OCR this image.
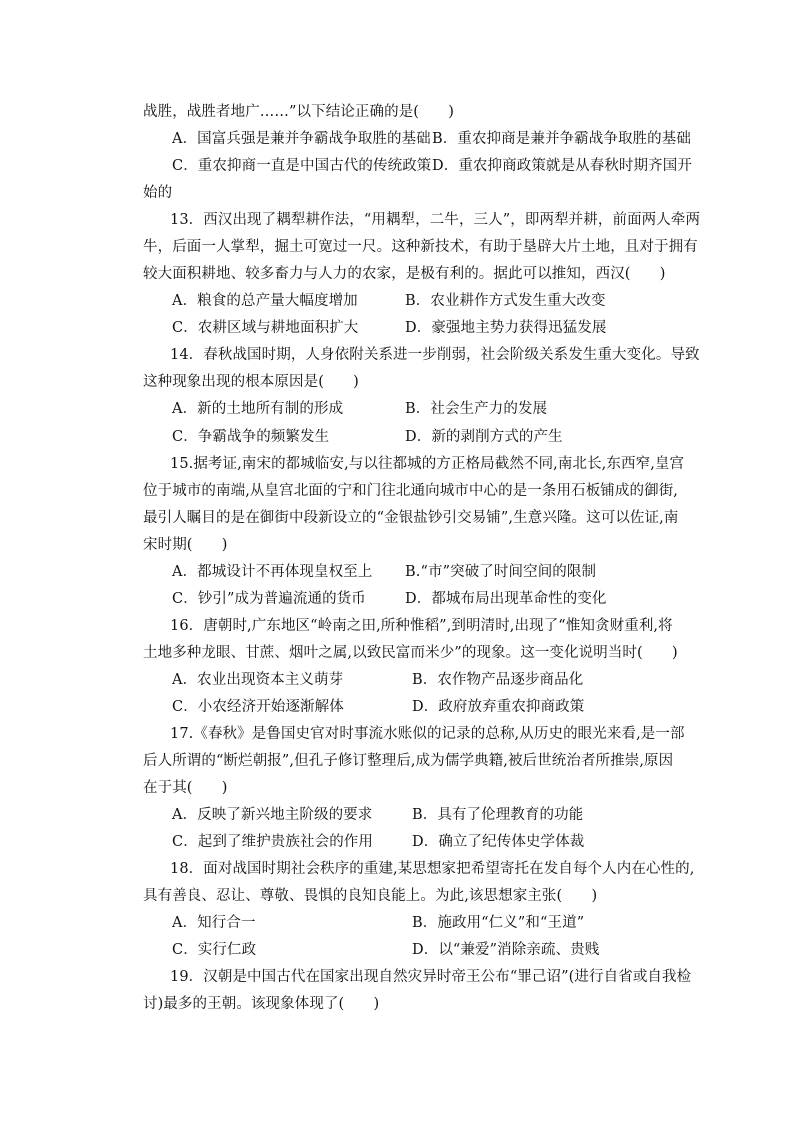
战胜，战胜者地广……”以下结论正确的是(　　)
A．国富兵强是兼并争霸战争取胜的基础 B．重农抑商是兼并争霸战争取胜的基础
C．重农抑商一直是中国古代的传统政策 D．重农抑商政策就是从春秋时期齐国开
始的
13．西汉出现了耦犁耕作法，“用耦犁，二牛，三人”，即两犁并耕，前面两人牵两
牛，后面一人掌犁，掘土可宽过一尺。这种新技术，有助于垦辟大片土地，且对于拥有
较大面积耕地、较多畜力与人力的农家，是极有利的。据此可以推知，西汉(　　)
A．粮食的总产量大幅度增加	B．农业耕作方式发生重大改变
C．农耕区域与耕地面积扩大	D．豪强地主势力获得迅猛发展
14．春秋战国时期，人身依附关系进一步削弱，社会阶级关系发生重大变化。导致
这种现象出现的根本原因是(　　)
A．新的土地所有制的形成	B．社会生产力的发展
C．争霸战争的频繁发生	D．新的剥削方式的产生
15.据考证,南宋的都城临安,与以往都城的方正格局截然不同,南北长,东西窄,皇宫
位于城市的南端,从皇宫北面的宁和门往北通向城市中心的是一条用石板铺成的御街,
最引人瞩目的是在御街中段新设立的“金银盐钞引交易铺”,生意兴隆。这可以佐证,南
宋时期(　　)
A．都城设计不再体现皇权至上 B.“市”突破了时间空间的限制
C．钞引”成为普遍流通的货币	D．都城布局出现革命性的变化
16．唐朝时,广东地区“岭南之田,所种惟稻”,到明清时,出现了“惟知贪财重利,将
土地多种龙眼、甘蔗、烟叶之属,以致民富而米少”的现象。这一变化说明当时(　　)
A．农业出现资本主义萌芽	B．农作物产品逐步商品化
C．小农经济开始逐渐解体	D．政府放弃重农抑商政策
17.《春秋》是鲁国史官对时事流水账似的记录的总称,从历史的眼光来看,是一部
后人所谓的“断烂朝报”,但孔子修订整理后,成为儒学典籍,被后世统治者所推崇,原因
在于其(　　)
A．反映了新兴地主阶级的要求	B．具有了伦理教育的功能
C．起到了维护贵族社会的作用	D．确立了纪传体史学体裁
18．面对战国时期社会秩序的重建,某思想家把希望寄托在发自每个人内在心性的,
具有善良、忍让、尊敬、畏惧的良知良能上。为此,该思想家主张(　　)
A．知行合一	B．施政用“仁义”和“王道”
C．实行仁政	D．以“兼爱”消除亲疏、贵贱
19．汉朝是中国古代在国家出现自然灾异时帝王公布“罪己诏”(进行自省或自我检
讨)最多的王朝。该现象体现了(　　)
